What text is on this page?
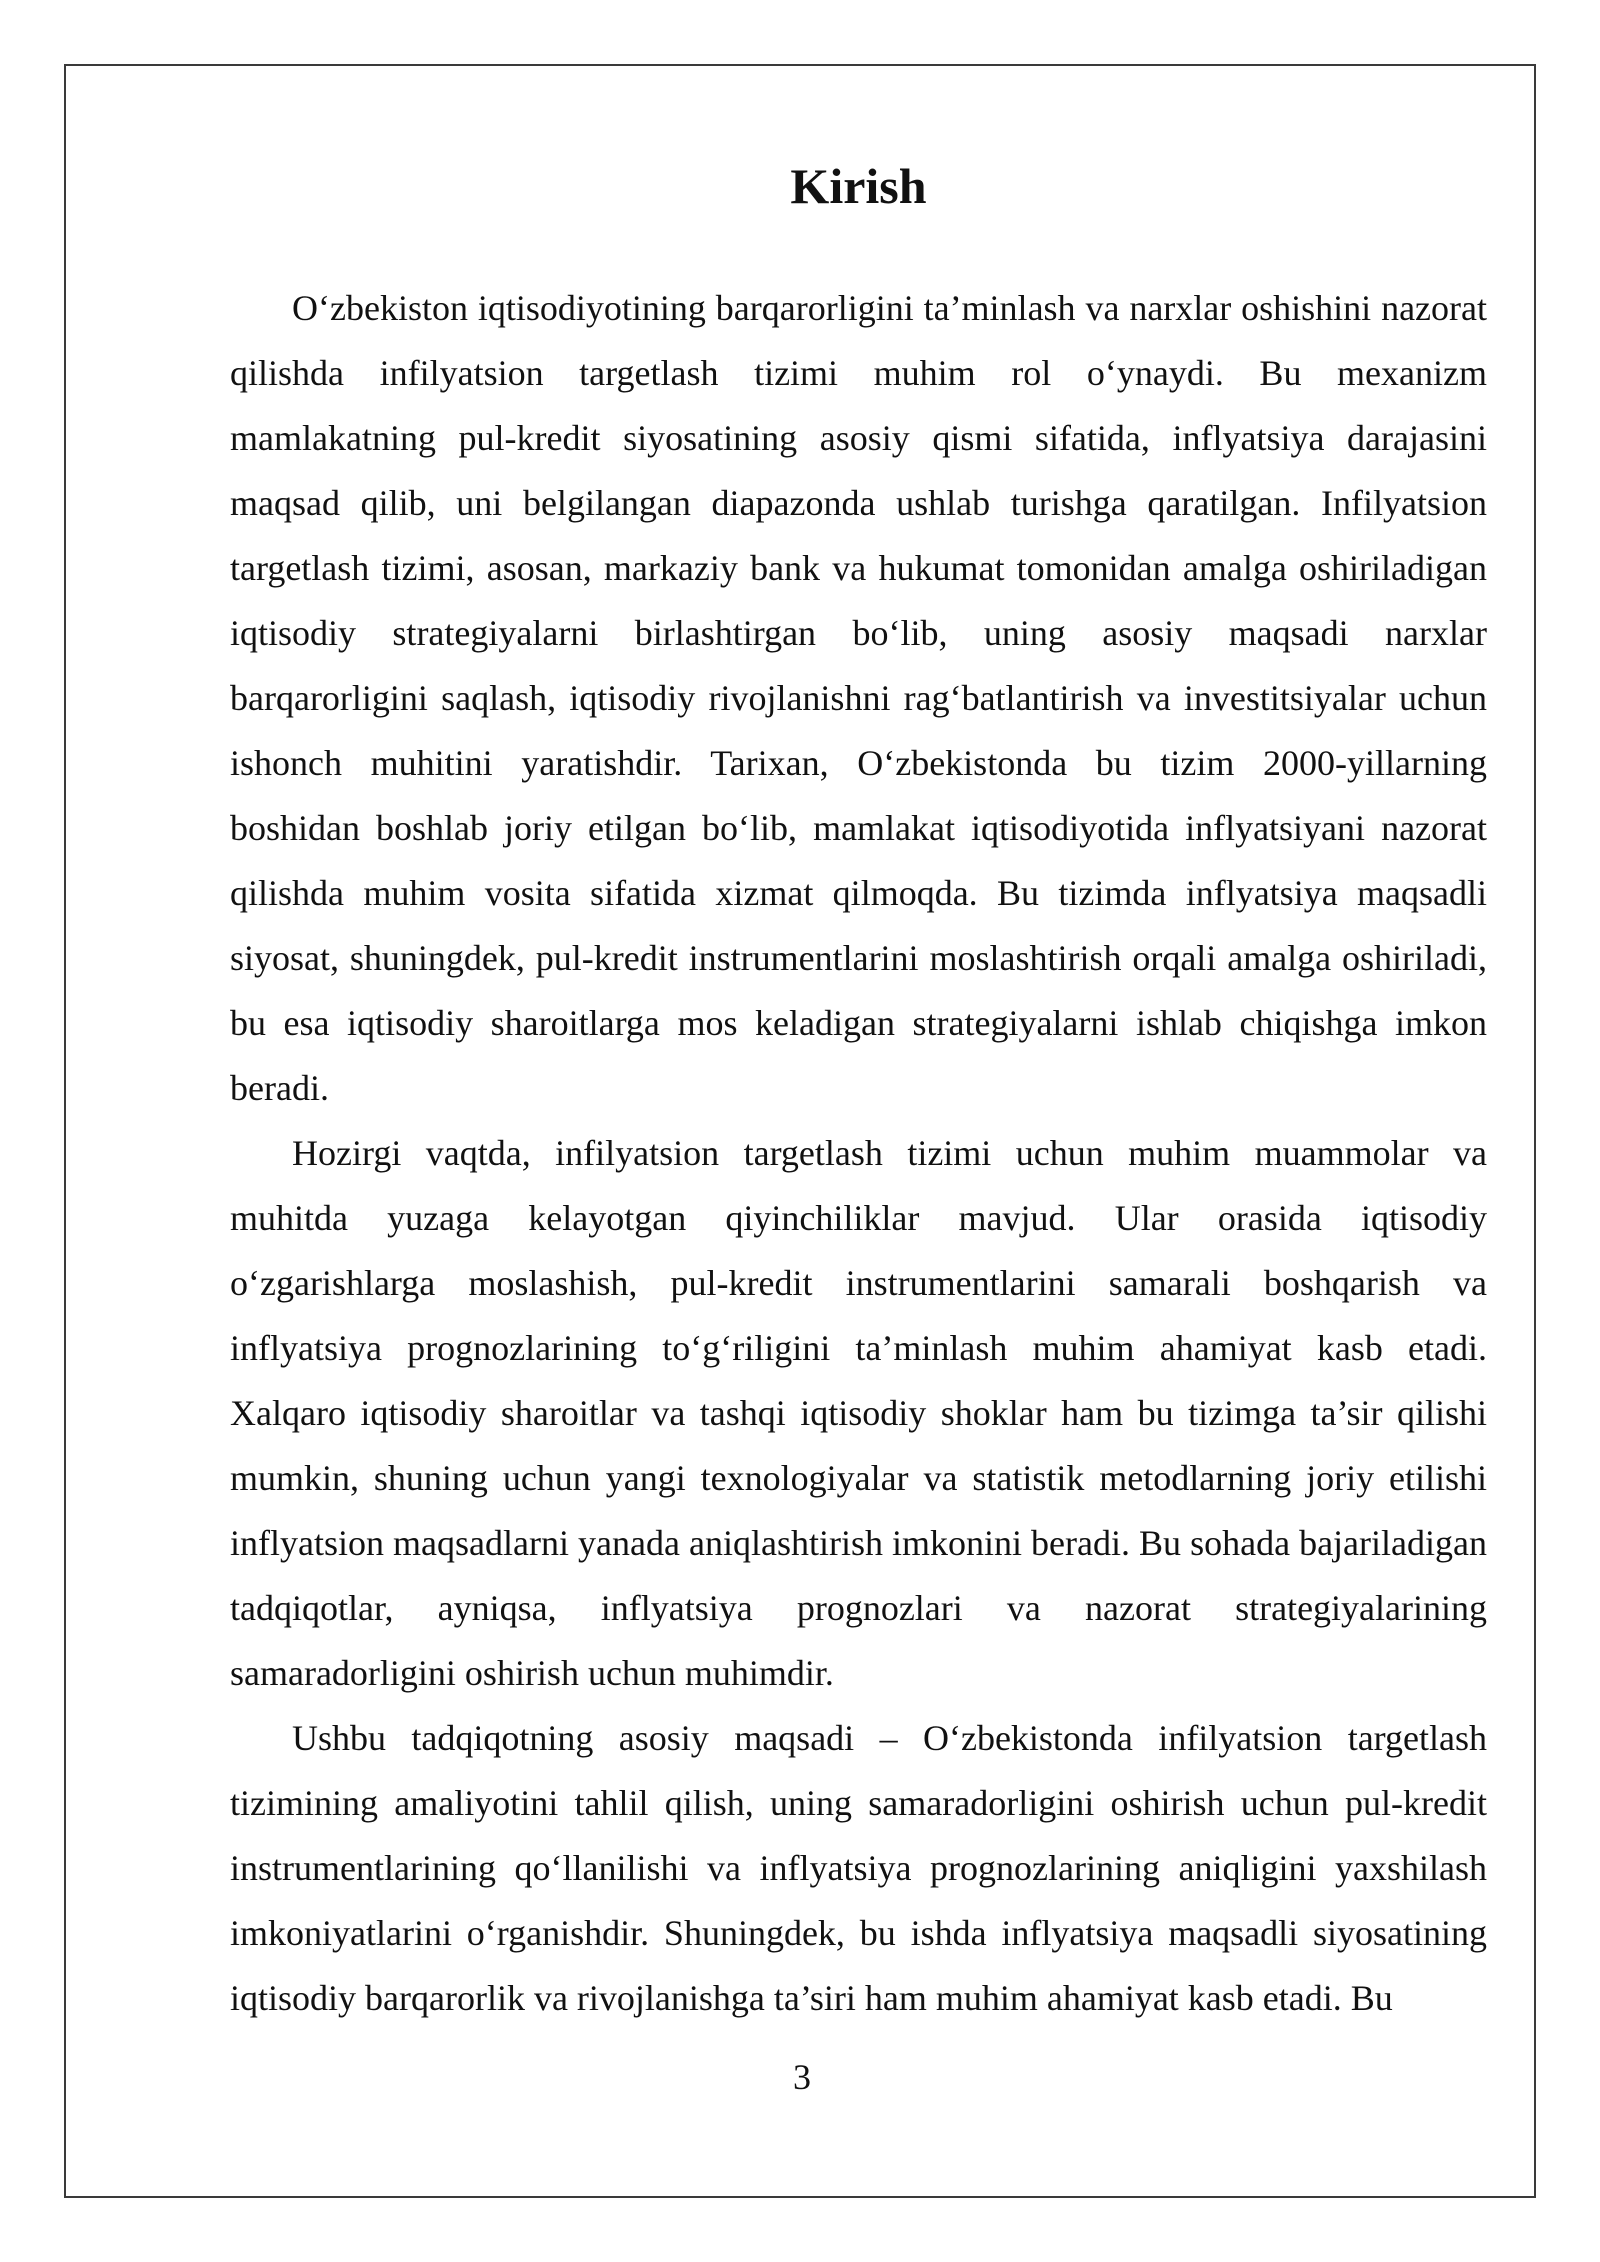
Kirish

O‘zbekiston iqtisodiyotining barqarorligini ta’minlash va narxlar oshishini nazorat qilishda infilyatsion targetlash tizimi muhim rol o‘ynaydi. Bu mexanizm mamlakatning pul-kredit siyosatining asosiy qismi sifatida, inflyatsiya darajasini maqsad qilib, uni belgilangan diapazonda ushlab turishga qaratilgan. Infilyatsion targetlash tizimi, asosan, markaziy bank va hukumat tomonidan amalga oshiriladigan iqtisodiy strategiyalarni birlashtirgan bo‘lib, uning asosiy maqsadi narxlar barqarorligini saqlash, iqtisodiy rivojlanishni rag‘batlantirish va investitsiyalar uchun ishonch muhitini yaratishdir. Tarixan, O‘zbekistonda bu tizim 2000-yillarning boshidan boshlab joriy etilgan bo‘lib, mamlakat iqtisodiyotida inflyatsiyani nazorat qilishda muhim vosita sifatida xizmat qilmoqda. Bu tizimda inflyatsiya maqsadli siyosat, shuningdek, pul-kredit instrumentlarini moslashtirish orqali amalga oshiriladi, bu esa iqtisodiy sharoitlarga mos keladigan strategiyalarni ishlab chiqishga imkon beradi.

Hozirgi vaqtda, infilyatsion targetlash tizimi uchun muhim muammolar va muhitda yuzaga kelayotgan qiyinchiliklar mavjud. Ular orasida iqtisodiy o‘zgarishlarga moslashish, pul-kredit instrumentlarini samarali boshqarish va inflyatsiya prognozlarining to‘g‘riligini ta’minlash muhim ahamiyat kasb etadi. Xalqaro iqtisodiy sharoitlar va tashqi iqtisodiy shoklar ham bu tizimga ta’sir qilishi mumkin, shuning uchun yangi texnologiyalar va statistik metodlarning joriy etilishi inflyatsion maqsadlarni yanada aniqlashtirish imkonini beradi. Bu sohada bajariladigan tadqiqotlar, ayniqsa, inflyatsiya prognozlari va nazorat strategiyalarining samaradorligini oshirish uchun muhimdir.

Ushbu tadqiqotning asosiy maqsadi – O‘zbekistonda infilyatsion targetlash tizimining amaliyotini tahlil qilish, uning samaradorligini oshirish uchun pul-kredit instrumentlarining qo‘llanilishi va inflyatsiya prognozlarining aniqligini yaxshilash imkoniyatlarini o‘rganishdir. Shuningdek, bu ishda inflyatsiya maqsadli siyosatining iqtisodiy barqarorlik va rivojlanishga ta’siri ham muhim ahamiyat kasb etadi. Bu

3
